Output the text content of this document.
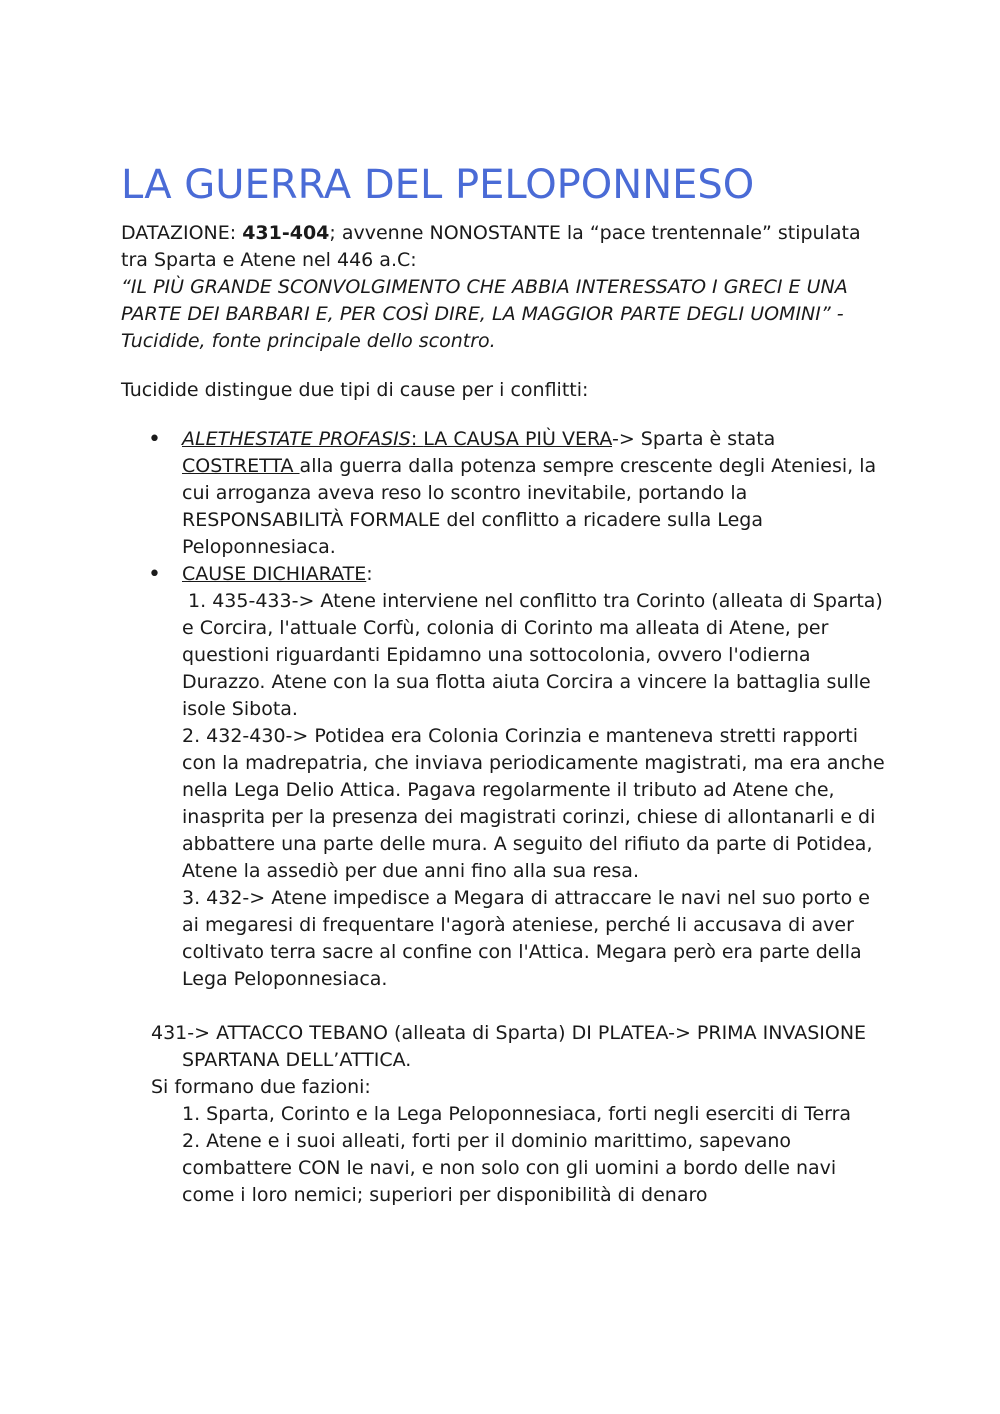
LA GUERRA DEL PELOPONNESO

DATAZIONE: 431-404; avvenne NONOSTANTE la “pace trentennale” stipulata tra Sparta e Atene nel 446 a.C:

“IL PIÙ GRANDE SCONVOLGIMENTO CHE ABBIA INTERESSATO I GRECI E UNA PARTE DEI BARBARI E, PER COSÌ DIRE, LA MAGGIOR PARTE DEGLI UOMINI” -Tucidide, fonte principale dello scontro.

Tucidide distingue due tipi di cause per i conflitti:

• ALETHESTATE PROFASIS: LA CAUSA PIÙ VERA-> Sparta è stata COSTRETTA alla guerra dalla potenza sempre crescente degli Ateniesi, la cui arroganza aveva reso lo scontro inevitabile, portando la RESPONSABILITÀ FORMALE del conflitto a ricadere sulla Lega Peloponnesiaca.
• CAUSE DICHIARATE:
1. 435-433-> Atene interviene nel conflitto tra Corinto (alleata di Sparta) e Corcira, l'attuale Corfù, colonia di Corinto ma alleata di Atene, per questioni riguardanti Epidamno una sottocolonia, ovvero l'odierna Durazzo. Atene con la sua flotta aiuta Corcira a vincere la battaglia sulle isole Sibota.
2. 432-430-> Potidea era Colonia Corinzia e manteneva stretti rapporti con la madrepatria, che inviava periodicamente magistrati, ma era anche nella Lega Delio Attica. Pagava regolarmente il tributo ad Atene che, inasprita per la presenza dei magistrati corinzi, chiese di allontanarli e di abbattere una parte delle mura. A seguito del rifiuto da parte di Potidea, Atene la assediò per due anni fino alla sua resa.
3. 432-> Atene impedisce a Megara di attraccare le navi nel suo porto e ai megaresi di frequentare l'agorà ateniese, perché li accusava di aver coltivato terra sacre al confine con l'Attica. Megara però era parte della Lega Peloponnesiaca.

431-> ATTACCO TEBANO (alleata di Sparta) DI PLATEA-> PRIMA INVASIONE SPARTANA DELL’ATTICA.

Si formano due fazioni:

1. Sparta, Corinto e la Lega Peloponnesiaca, forti negli eserciti di Terra

2. Atene e i suoi alleati, forti per il dominio marittimo, sapevano combattere CON le navi, e non solo con gli uomini a bordo delle navi come i loro nemici; superiori per disponibilità di denaro
